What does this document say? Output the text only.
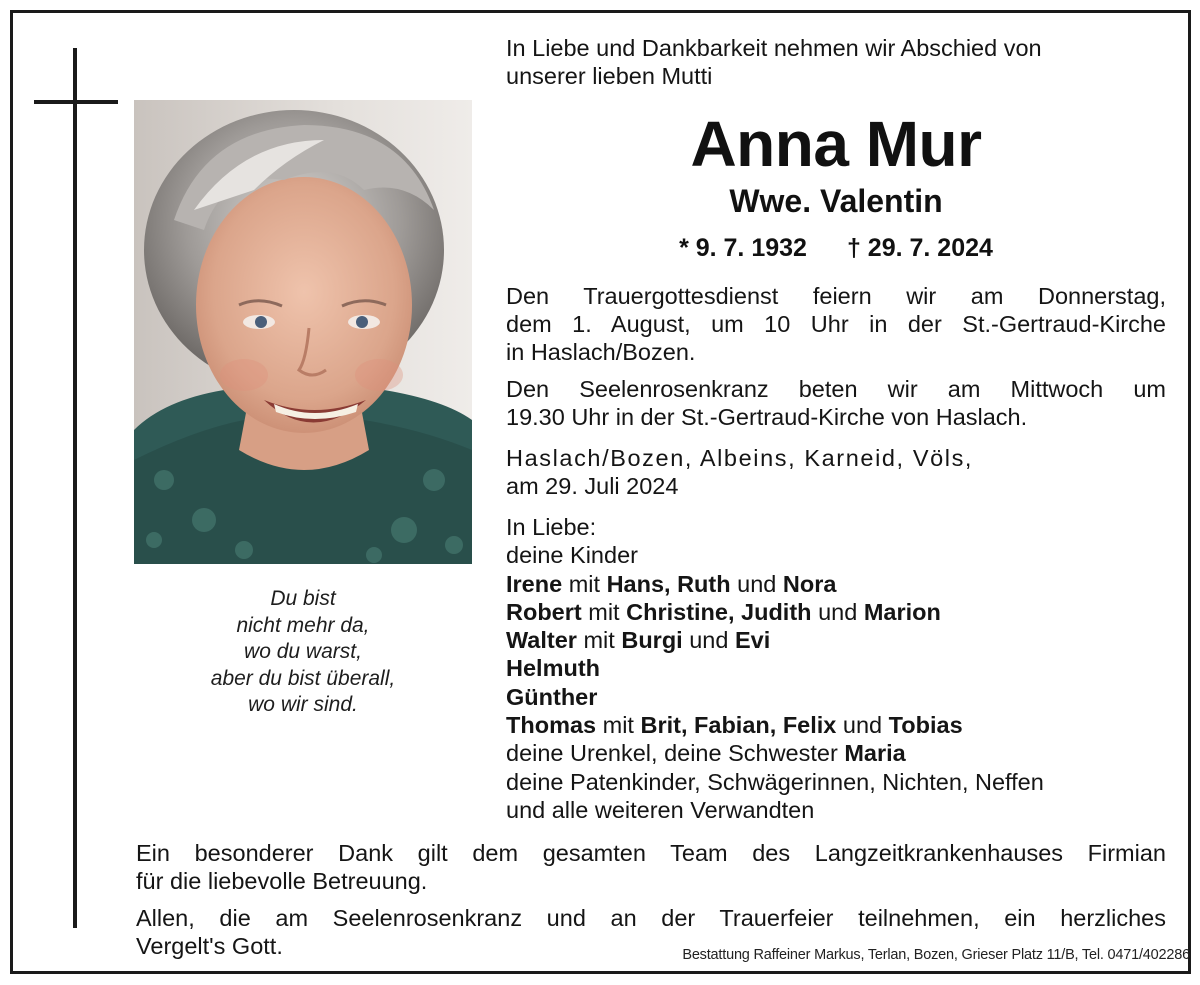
Du bist
nicht mehr da,
wo du warst,
aber du bist überall,
wo wir sind.
In Liebe und Dankbarkeit nehmen wir Abschied von
unserer lieben Mutti
Anna Mur
Wwe. Valentin
* 9. 7. 1932 † 29. 7. 2024
Den Trauergottesdienst feiern wir am Donnerstag,
dem 1. August, um 10 Uhr in der St.-Gertraud-Kirche
in Haslach/Bozen.
Den Seelenrosenkranz beten wir am Mittwoch um
19.30 Uhr in der St.-Gertraud-Kirche von Haslach.
Haslach/Bozen, Albeins, Karneid, Völs,
am 29. Juli 2024
In Liebe:
deine Kinder
Irene mit Hans, Ruth und Nora
Robert mit Christine, Judith und Marion
Walter mit Burgi und Evi
Helmuth
Günther
Thomas mit Brit, Fabian, Felix und Tobias
deine Urenkel, deine Schwester Maria
deine Patenkinder, Schwägerinnen, Nichten, Neffen
und alle weiteren Verwandten
Ein besonderer Dank gilt dem gesamten Team des Langzeitkrankenhauses Firmian
für die liebevolle Betreuung.
Allen, die am Seelenrosenkranz und an der Trauerfeier teilnehmen, ein herzliches
Vergelt's Gott.	Bestattung Raffeiner Markus, Terlan, Bozen, Grieser Platz 11/B, Tel. 0471/402286
